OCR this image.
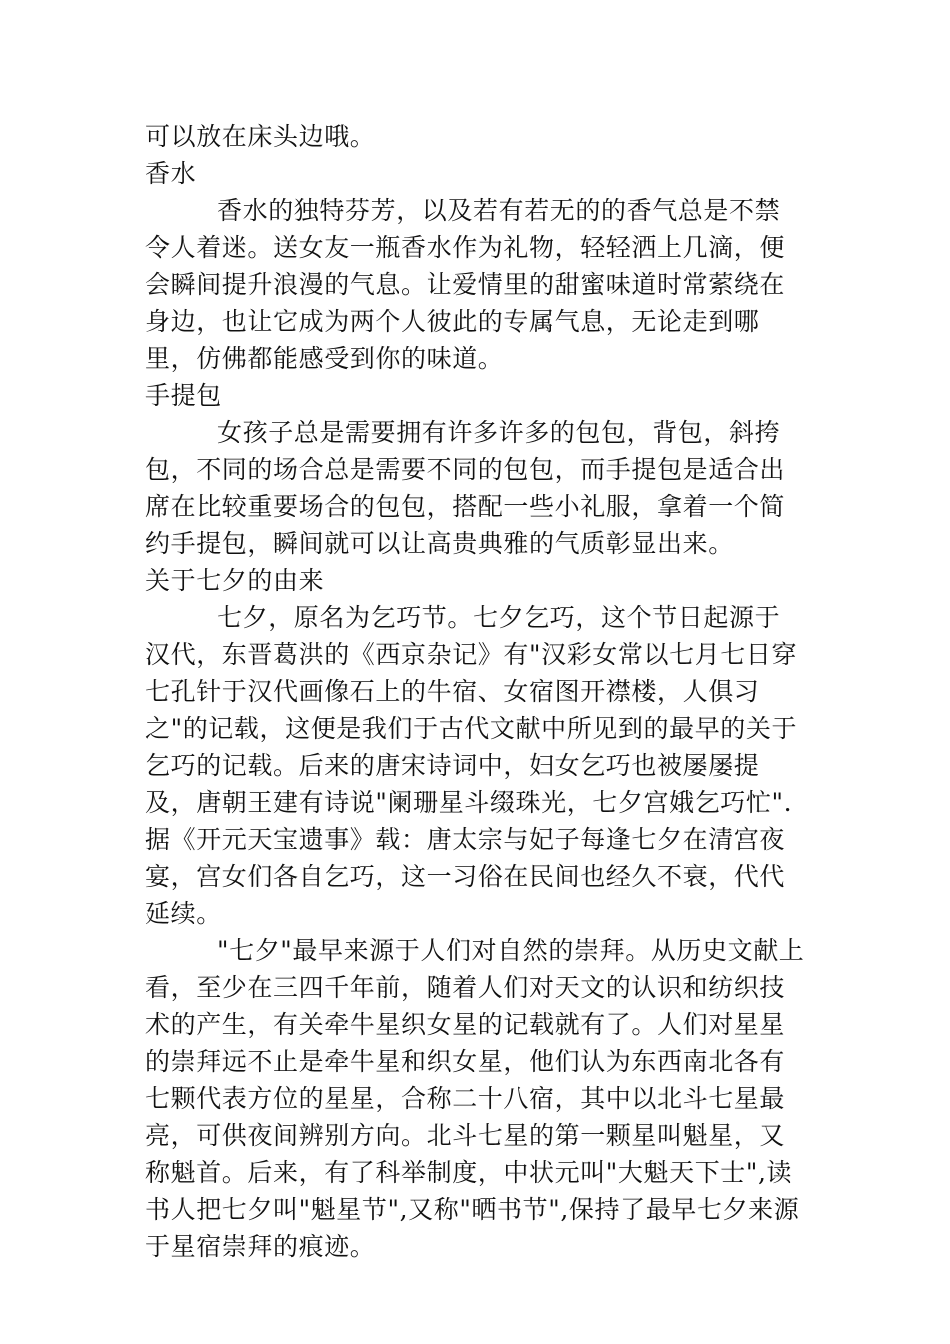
可以放在床头边哦。

香水

香水的独特芬芳，以及若有若无的的香气总是不禁令人着迷。送女友一瓶香水作为礼物，轻轻洒上几滴，便会瞬间提升浪漫的气息。让爱情里的甜蜜味道时常萦绕在身边，也让它成为两个人彼此的专属气息，无论走到哪里，仿佛都能感受到你的味道。

手提包

女孩子总是需要拥有许多许多的包包，背包，斜挎包，不同的场合总是需要不同的包包，而手提包是适合出席在比较重要场合的包包，搭配一些小礼服，拿着一个简约手提包，瞬间就可以让高贵典雅的气质彰显出来。

关于七夕的由来

七夕，原名为乞巧节。七夕乞巧，这个节日起源于汉代，东晋葛洪的《西京杂记》有"汉彩女常以七月七日穿七孔针于汉代画像石上的牛宿、女宿图开襟楼，人俱习之"的记载，这便是我们于古代文献中所见到的最早的关于乞巧的记载。后来的唐宋诗词中，妇女乞巧也被屡屡提及，唐朝王建有诗说"阑珊星斗缀珠光，七夕宫娥乞巧忙".据《开元天宝遗事》载：唐太宗与妃子每逢七夕在清宫夜宴，宫女们各自乞巧，这一习俗在民间也经久不衰，代代延续。

"七夕"最早来源于人们对自然的崇拜。从历史文献上看，至少在三四千年前，随着人们对天文的认识和纺织技术的产生，有关牵牛星织女星的记载就有了。人们对星星的崇拜远不止是牵牛星和织女星，他们认为东西南北各有七颗代表方位的星星，合称二十八宿，其中以北斗七星最亮，可供夜间辨别方向。北斗七星的第一颗星叫魁星，又称魁首。后来，有了科举制度，中状元叫"大魁天下士",读书人把七夕叫"魁星节",又称"晒书节",保持了最早七夕来源于星宿崇拜的痕迹。
